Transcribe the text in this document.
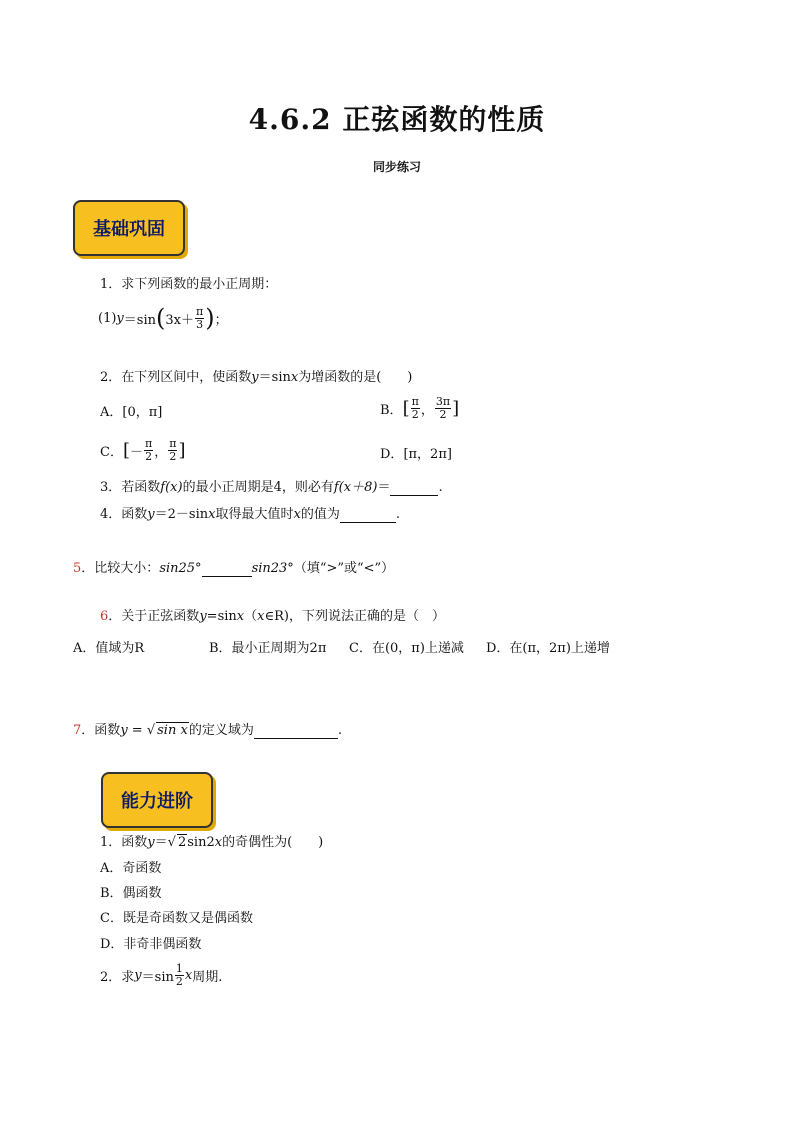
4.6.2 正弦函数的性质
同步练习
基础巩固
1．求下列函数的最小正周期：
(1) y ＝sin ( $3x+ \frac{\pi}{3}$ ) ；
2．在下列区间中，使函数y＝sinx为增函数的是(　　)
A．[0，π]	B． [ $\frac{\pi}{2}$ ， $\frac{3\pi}{2}$ ]
C． [ － $\frac{\pi}{2}$ ， $\frac{\pi}{2}$ ]	D．[π，2π]
3．若函数f(x)的最小正周期是4，则必有f(x＋8)＝	.
4．函数y＝2－sinx取得最大值时x的值为	.
5．比较大小：sin25°	sin23°（填“>”或“<”）
6．关于正弦函数y=sinx（x∈R)，下列说法正确的是（　）
A．值域为R	B．最小正周期为2π C．在(0，π)上递减 D．在(π，2π)上递增
7．函数y = √ sin x的定义域为	.
能力进阶
1．函数y＝√ 2sin2x的奇偶性为(　　)
A．奇函数
B．偶函数
C．既是奇函数又是偶函数
D．非奇非偶函数
2． 求 $y =\sin \frac{1}{2}$ x 周期.
